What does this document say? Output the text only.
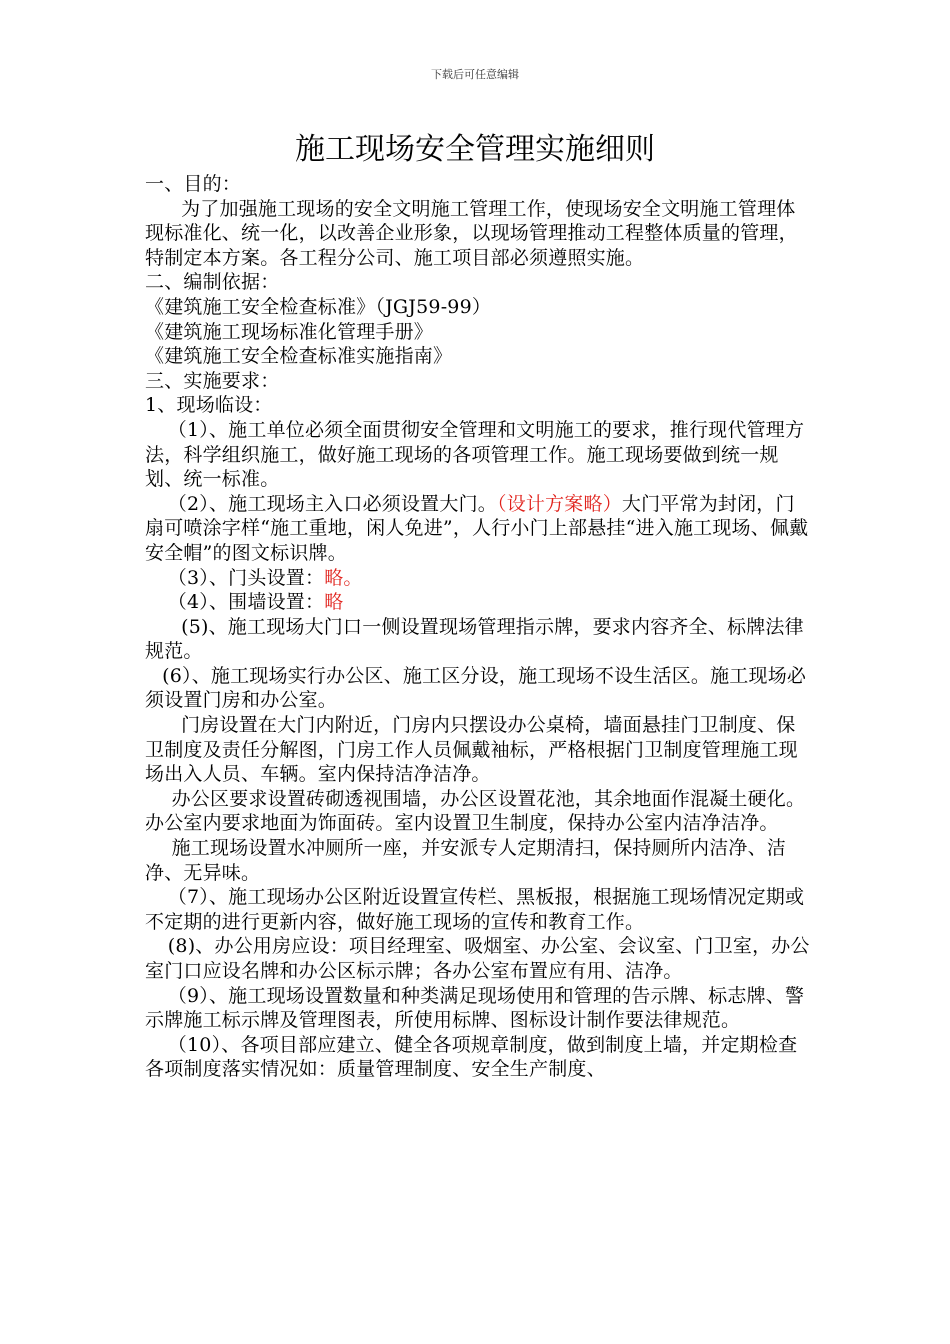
下载后可任意编辑
施工现场安全管理实施细则

一、目的：

为了加强施工现场的安全文明施工管理工作，使现场安全文明施工管理体现标准化、统一化，以改善企业形象，以现场管理推动工程整体质量的管理，特制定本方案。各工程分公司、施工项目部必须遵照实施。

二、编制依据：

《建筑施工安全检查标准》（JGJ59-99）

《建筑施工现场标准化管理手册》

《建筑施工安全检查标准实施指南》

三、实施要求：

1、现场临设：

（1）、施工单位必须全面贯彻安全管理和文明施工的要求，推行现代管理方法，科学组织施工，做好施工现场的各项管理工作。施工现场要做到统一规划、统一标准。

（2）、施工现场主入口必须设置大门。（设计方案略）大门平常为封闭，门扇可喷涂字样“施工重地，闲人免进”，人行小门上部悬挂“进入施工现场、佩戴安全帽”的图文标识牌。

（3）、门头设置：略。

（4）、围墙设置：略

(5)、施工现场大门口一侧设置现场管理指示牌，要求内容齐全、标牌法律规范。

(6）、施工现场实行办公区、施工区分设，施工现场不设生活区。施工现场必须设置门房和办公室。

门房设置在大门内附近，门房内只摆设办公桌椅，墙面悬挂门卫制度、保卫制度及责任分解图，门房工作人员佩戴袖标，严格根据门卫制度管理施工现场出入人员、车辆。室内保持洁净洁净。

办公区要求设置砖砌透视围墙，办公区设置花池，其余地面作混凝土硬化。办公室内要求地面为饰面砖。室内设置卫生制度，保持办公室内洁净洁净。

施工现场设置水冲厕所一座，并安派专人定期清扫，保持厕所内洁净、洁净、无异味。

（7）、施工现场办公区附近设置宣传栏、黑板报，根据施工现场情况定期或不定期的进行更新内容，做好施工现场的宣传和教育工作。

(8)、办公用房应设：项目经理室、吸烟室、办公室、会议室、门卫室，办公室门口应设名牌和办公区标示牌；各办公室布置应有用、洁净。

（9）、施工现场设置数量和种类满足现场使用和管理的告示牌、标志牌、警示牌施工标示牌及管理图表，所使用标牌、图标设计制作要法律规范。

（10）、各项目部应建立、健全各项规章制度，做到制度上墙，并定期检查各项制度落实情况如：质量管理制度、安全生产制度、
